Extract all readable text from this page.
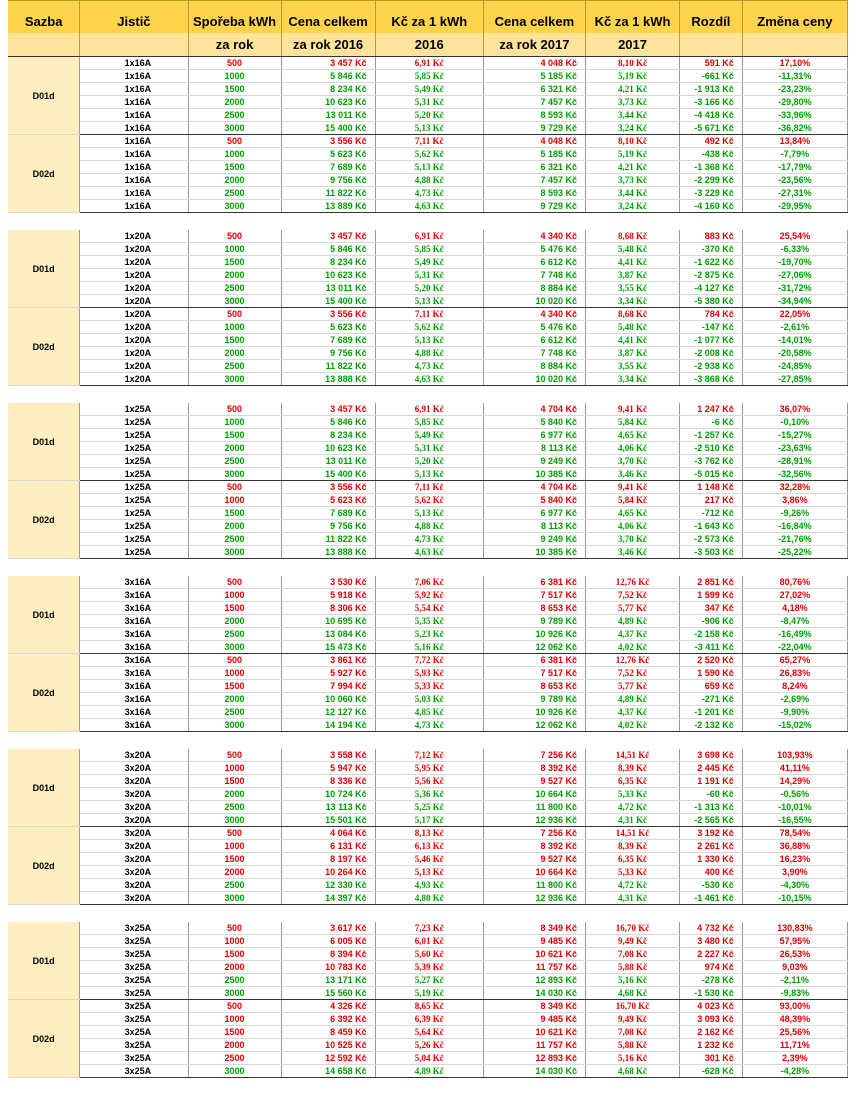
Sazba	Jistič	Spořeba kWh	Cena celkem	Kč za 1 kWh	Cena celkem	Kč za 1 kWh	Rozdíl	Změna ceny
		za rok	za rok 2016	2016	za rok 2017	2017		
D01d	1x16A	500	3 457 Kč	6,91 Kč	4 048 Kč	8,10 Kč	591 Kč	17,10%
	1x16A	1000	5 846 Kč	5,85 Kč	5 185 Kč	5,19 Kč	-661 Kč	-11,31%
	1x16A	1500	8 234 Kč	5,49 Kč	6 321 Kč	4,21 Kč	-1 913 Kč	-23,23%
	1x16A	2000	10 623 Kč	5,31 Kč	7 457 Kč	3,73 Kč	-3 166 Kč	-29,80%
	1x16A	2500	13 011 Kč	5,20 Kč	8 593 Kč	3,44 Kč	-4 418 Kč	-33,96%
	1x16A	3000	15 400 Kč	5,13 Kč	9 729 Kč	3,24 Kč	-5 671 Kč	-36,82%
D02d	1x16A	500	3 556 Kč	7,11 Kč	4 048 Kč	8,10 Kč	492 Kč	13,84%
	1x16A	1000	5 623 Kč	5,62 Kč	5 185 Kč	5,19 Kč	-438 Kč	-7,79%
	1x16A	1500	7 689 Kč	5,13 Kč	6 321 Kč	4,21 Kč	-1 368 Kč	-17,79%
	1x16A	2000	9 756 Kč	4,88 Kč	7 457 Kč	3,73 Kč	-2 299 Kč	-23,56%
	1x16A	2500	11 822 Kč	4,73 Kč	8 593 Kč	3,44 Kč	-3 229 Kč	-27,31%
	1x16A	3000	13 889 Kč	4,63 Kč	9 729 Kč	3,24 Kč	-4 160 Kč	-29,95%

D01d	1x20A	500	3 457 Kč	6,91 Kč	4 340 Kč	8,68 Kč	883 Kč	25,54%
	1x20A	1000	5 846 Kč	5,85 Kč	5 476 Kč	5,48 Kč	-370 Kč	-6,33%
	1x20A	1500	8 234 Kč	5,49 Kč	6 612 Kč	4,41 Kč	-1 622 Kč	-19,70%
	1x20A	2000	10 623 Kč	5,31 Kč	7 748 Kč	3,87 Kč	-2 875 Kč	-27,06%
	1x20A	2500	13 011 Kč	5,20 Kč	8 884 Kč	3,55 Kč	-4 127 Kč	-31,72%
	1x20A	3000	15 400 Kč	5,13 Kč	10 020 Kč	3,34 Kč	-5 380 Kč	-34,94%
D02d	1x20A	500	3 556 Kč	7,11 Kč	4 340 Kč	8,68 Kč	784 Kč	22,05%
	1x20A	1000	5 623 Kč	5,62 Kč	5 476 Kč	5,48 Kč	-147 Kč	-2,61%
	1x20A	1500	7 689 Kč	5,13 Kč	6 612 Kč	4,41 Kč	-1 077 Kč	-14,01%
	1x20A	2000	9 756 Kč	4,88 Kč	7 748 Kč	3,87 Kč	-2 008 Kč	-20,58%
	1x20A	2500	11 822 Kč	4,73 Kč	8 884 Kč	3,55 Kč	-2 938 Kč	-24,85%
	1x20A	3000	13 888 Kč	4,63 Kč	10 020 Kč	3,34 Kč	-3 868 Kč	-27,85%

D01d	1x25A	500	3 457 Kč	6,91 Kč	4 704 Kč	9,41 Kč	1 247 Kč	36,07%
	1x25A	1000	5 846 Kč	5,85 Kč	5 840 Kč	5,84 Kč	-6 Kč	-0,10%
	1x25A	1500	8 234 Kč	5,49 Kč	6 977 Kč	4,65 Kč	-1 257 Kč	-15,27%
	1x25A	2000	10 623 Kč	5,31 Kč	8 113 Kč	4,06 Kč	-2 510 Kč	-23,63%
	1x25A	2500	13 011 Kč	5,20 Kč	9 249 Kč	3,70 Kč	-3 762 Kč	-28,91%
	1x25A	3000	15 400 Kč	5,13 Kč	10 385 Kč	3,46 Kč	-5 015 Kč	-32,56%
D02d	1x25A	500	3 556 Kč	7,11 Kč	4 704 Kč	9,41 Kč	1 148 Kč	32,28%
	1x25A	1000	5 623 Kč	5,62 Kč	5 840 Kč	5,84 Kč	217 Kč	3,86%
	1x25A	1500	7 689 Kč	5,13 Kč	6 977 Kč	4,65 Kč	-712 Kč	-9,26%
	1x25A	2000	9 756 Kč	4,88 Kč	8 113 Kč	4,06 Kč	-1 643 Kč	-16,84%
	1x25A	2500	11 822 Kč	4,73 Kč	9 249 Kč	3,70 Kč	-2 573 Kč	-21,76%
	1x25A	3000	13 888 Kč	4,63 Kč	10 385 Kč	3,46 Kč	-3 503 Kč	-25,22%

D01d	3x16A	500	3 530 Kč	7,06 Kč	6 381 Kč	12,76 Kč	2 851 Kč	80,76%
	3x16A	1000	5 918 Kč	5,92 Kč	7 517 Kč	7,52 Kč	1 599 Kč	27,02%
	3x16A	1500	8 306 Kč	5,54 Kč	8 653 Kč	5,77 Kč	347 Kč	4,18%
	3x16A	2000	10 695 Kč	5,35 Kč	9 789 Kč	4,89 Kč	-906 Kč	-8,47%
	3x16A	2500	13 084 Kč	5,23 Kč	10 926 Kč	4,37 Kč	-2 158 Kč	-16,49%
	3x16A	3000	15 473 Kč	5,16 Kč	12 062 Kč	4,02 Kč	-3 411 Kč	-22,04%
D02d	3x16A	500	3 861 Kč	7,72 Kč	6 381 Kč	12,76 Kč	2 520 Kč	65,27%
	3x16A	1000	5 927 Kč	5,93 Kč	7 517 Kč	7,52 Kč	1 590 Kč	26,83%
	3x16A	1500	7 994 Kč	5,33 Kč	8 653 Kč	5,77 Kč	659 Kč	8,24%
	3x16A	2000	10 060 Kč	5,03 Kč	9 789 Kč	4,89 Kč	-271 Kč	-2,69%
	3x16A	2500	12 127 Kč	4,85 Kč	10 926 Kč	4,37 Kč	-1 201 Kč	-9,90%
	3x16A	3000	14 194 Kč	4,73 Kč	12 062 Kč	4,02 Kč	-2 132 Kč	-15,02%

D01d	3x20A	500	3 558 Kč	7,12 Kč	7 256 Kč	14,51 Kč	3 698 Kč	103,93%
	3x20A	1000	5 947 Kč	5,95 Kč	8 392 Kč	8,39 Kč	2 445 Kč	41,11%
	3x20A	1500	8 336 Kč	5,56 Kč	9 527 Kč	6,35 Kč	1 191 Kč	14,29%
	3x20A	2000	10 724 Kč	5,36 Kč	10 664 Kč	5,33 Kč	-60 Kč	-0,56%
	3x20A	2500	13 113 Kč	5,25 Kč	11 800 Kč	4,72 Kč	-1 313 Kč	-10,01%
	3x20A	3000	15 501 Kč	5,17 Kč	12 936 Kč	4,31 Kč	-2 565 Kč	-16,55%
D02d	3x20A	500	4 064 Kč	8,13 Kč	7 256 Kč	14,51 Kč	3 192 Kč	78,54%
	3x20A	1000	6 131 Kč	6,13 Kč	8 392 Kč	8,39 Kč	2 261 Kč	36,88%
	3x20A	1500	8 197 Kč	5,46 Kč	9 527 Kč	6,35 Kč	1 330 Kč	16,23%
	3x20A	2000	10 264 Kč	5,13 Kč	10 664 Kč	5,33 Kč	400 Kč	3,90%
	3x20A	2500	12 330 Kč	4,93 Kč	11 800 Kč	4,72 Kč	-530 Kč	-4,30%
	3x20A	3000	14 397 Kč	4,80 Kč	12 936 Kč	4,31 Kč	-1 461 Kč	-10,15%

D01d	3x25A	500	3 617 Kč	7,23 Kč	8 349 Kč	16,70 Kč	4 732 Kč	130,83%
	3x25A	1000	6 005 Kč	6,01 Kč	9 485 Kč	9,49 Kč	3 480 Kč	57,95%
	3x25A	1500	8 394 Kč	5,60 Kč	10 621 Kč	7,08 Kč	2 227 Kč	26,53%
	3x25A	2000	10 783 Kč	5,39 Kč	11 757 Kč	5,88 Kč	974 Kč	9,03%
	3x25A	2500	13 171 Kč	5,27 Kč	12 893 Kč	5,16 Kč	-278 Kč	-2,11%
	3x25A	3000	15 560 Kč	5,19 Kč	14 030 Kč	4,68 Kč	-1 530 Kč	-9,83%
D02d	3x25A	500	4 326 Kč	8,65 Kč	8 349 Kč	16,70 Kč	4 023 Kč	93,00%
	3x25A	1000	6 392 Kč	6,39 Kč	9 485 Kč	9,49 Kč	3 093 Kč	48,39%
	3x25A	1500	8 459 Kč	5,64 Kč	10 621 Kč	7,08 Kč	2 162 Kč	25,56%
	3x25A	2000	10 525 Kč	5,26 Kč	11 757 Kč	5,88 Kč	1 232 Kč	11,71%
	3x25A	2500	12 592 Kč	5,04 Kč	12 893 Kč	5,16 Kč	301 Kč	2,39%
	3x25A	3000	14 658 Kč	4,89 Kč	14 030 Kč	4,68 Kč	-628 Kč	-4,28%
